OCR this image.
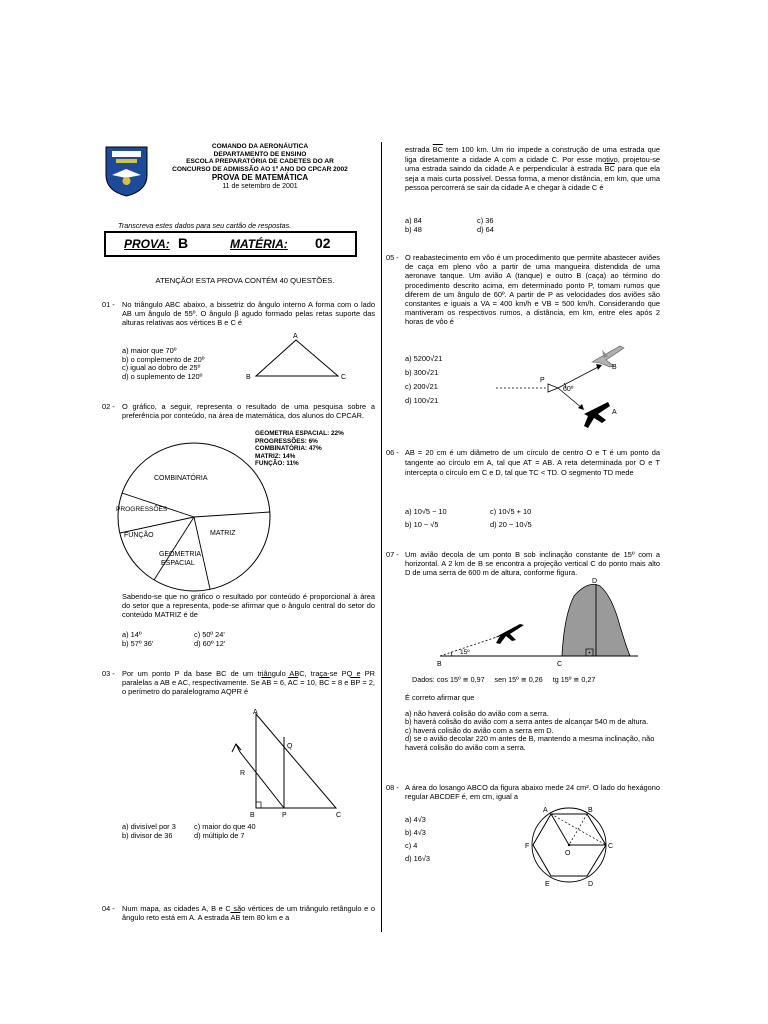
COMANDO DA AERONÁUTICA
DEPARTAMENTO DE ENSINO
ESCOLA PREPARATÓRIA DE CADETES DO AR
CONCURSO DE ADMISSÃO AO 1º ANO DO CPCAR 2002
PROVA DE MATEMÁTICA
11 de setembro de 2001
Transcreva estes dados para seu cartão de respostas.
PROVA: B	MATÉRIA: 02
ATENÇÃO! ESTA PROVA CONTÉM 40 QUESTÕES.
01 - No triângulo ABC abaixo, a bissetriz do ângulo interno A forma com o lado AB um ângulo de 55º. O ângulo β agudo formado pelas retas suporte das alturas relativas aos vértices B e C é
a) maior que 70º
b) o complemento de 20º
c) igual ao dobro de 25º
d) o suplemento de 120º
A
B	C
02 - O gráfico, a seguir, representa o resultado de uma pesquisa sobre a preferência por conteúdo, na área de matemática, dos alunos do CPCAR.
GEOMETRIA ESPACIAL: 22%
PROGRESSÕES: 6%
COMBINATÓRIA: 47%
MATRIZ: 14%
FUNÇÃO: 11%
COMBINATÓRIA
PROGRESSÕES
FUNÇÃO	MATRIZ
GEOMETRIA
ESPACIAL
Sabendo-se que no gráfico o resultado por conteúdo é proporcional à área do setor que a representa, pode-se afirmar que o ângulo central do setor do conteúdo MATRIZ é de
a) 14º
b) 57º 36'
c) 50º 24'
d) 60º 12'
03 - Por um ponto P da base BC de um triângulo ABC, traça-se PQ e PR paralelas a AB e AC, respectivamente. Se $\overline{AB} = 6$, $\overline{AC} = 10$, $\overline{BC} = 8$ e $\overline{BP} = 2$, o perímetro do paralelogramo AQPR é
A
Q
R
B	P	C
a) divisível por 3
b) divisor de 36
c) maior do que 40
d) múltiplo de 7
04 - Num mapa, as cidades A, B e C são vértices de um triângulo retângulo e o ângulo reto está em A. A estrada $\overline{AB}$ tem 80 km e a
estrada $\overline{BC}$ tem 100 km. Um rio impede a construção de uma estrada que liga diretamente a cidade A com a cidade C. Por esse motivo, projetou-se uma estrada saindo da cidade A e perpendicular à estrada $\overline{BC}$ para que ela seja a mais curta possível. Dessa forma, a menor distância, em km, que uma pessoa percorrerá se sair da cidade A e chegar à cidade C é
a) 84
b) 48
c) 36
d) 64
05 - O reabastecimento em vôo é um procedimento que permite abastecer aviões de caça em pleno vôo a partir de uma mangueira distendida de uma aeronave tanque. Um avião A (tanque) e outro B (caça) ao término do procedimento descrito acima, em determinado ponto P, tomam rumos que diferem de um ângulo de 60º. A partir de P as velocidades dos aviões são constantes e iguais a VA = 400 km/h e VB = 500 km/h. Considerando que mantiveram os respectivos rumos, a distância, em km, entre eles após 2 horas de vôo é
a) 5200√21
b) 300√21
c) 200√21
d) 100√21
P
60º
B
A
06 - AB = 20 cm é um diâmetro de um círculo de centro O e T é um ponto da tangente ao círculo em A, tal que AT = AB. A reta determinada por O e T intercepta o círculo em C e D, tal que TC < TD. O segmento TD mede
a) 10√5 − 10
b) 10 − √5
c) 10√5 + 10
d) 20 − 10√5
07 - Um avião decola de um ponto B sob inclinação constante de 15º com a horizontal. A 2 km de B se encontra a projeção vertical C do ponto mais alto D de uma serra de 600 m de altura, conforme figura.
D
B	C
15º
Dados: cos 15º ≅ 0,97     sen 15º ≅ 0,26     tg 15º ≅ 0,27
É correto afirmar que
a) não haverá colisão do avião com a serra.
b) haverá colisão do avião com a serra antes de alcançar 540 m de altura.
c) haverá colisão do avião com a serra em D.
d) se o avião decolar 220 m antes de B, mantendo a mesma inclinação, não haverá colisão do avião com a serra.
08 - A área do losango ABCO da figura abaixo mede 24 cm². O lado do hexágono regular ABCDEF é, em cm, igual a
a) 4√3
b) 4√3
c) 4
d) 16√3
A	B
C
D
E
F
O
